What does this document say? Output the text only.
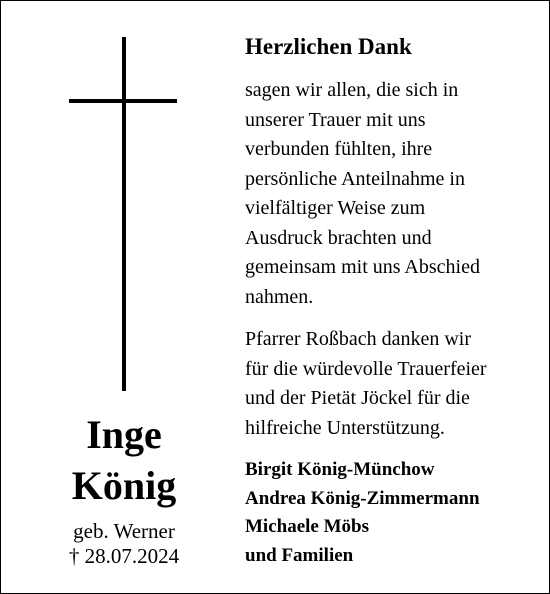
Inge

König

geb. Werner

† 28.07.2024

Herzlichen Dank

sagen wir allen, die sich in
unserer Trauer mit uns
verbunden fühlten, ihre
persönliche Anteilnahme in
vielfältiger Weise zum
Ausdruck brachten und
gemeinsam mit uns Abschied
nahmen.

Pfarrer Roßbach danken wir
für die würdevolle Trauerfeier
und der Pietät Jöckel für die
hilfreiche Unterstützung.

Birgit König-Münchow
Andrea König-Zimmermann
Michaele Möbs
und Familien
